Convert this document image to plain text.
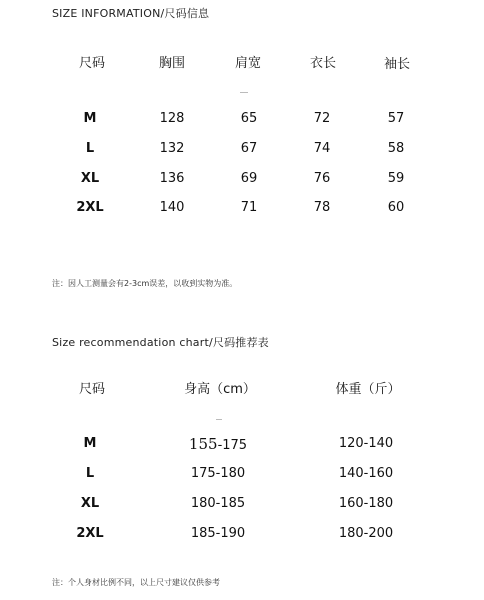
SIZE INFORMATION/尺码信息
尺码	胸围	肩宽	衣长	袖长
M	128	65	72	57
L	132	67	74	58
XL	136	69	76	59
2XL	140	71	78	60
注：因人工测量会有2-3cm误差，以收到实物为准。
Size recommendation chart/尺码推荐表
尺码	身高（cm）	体重（斤）
M	155-175	120-140
L	175-180	140-160
XL	180-185	160-180
2XL	185-190	180-200
注：个人身材比例不同，以上尺寸建议仅供参考
